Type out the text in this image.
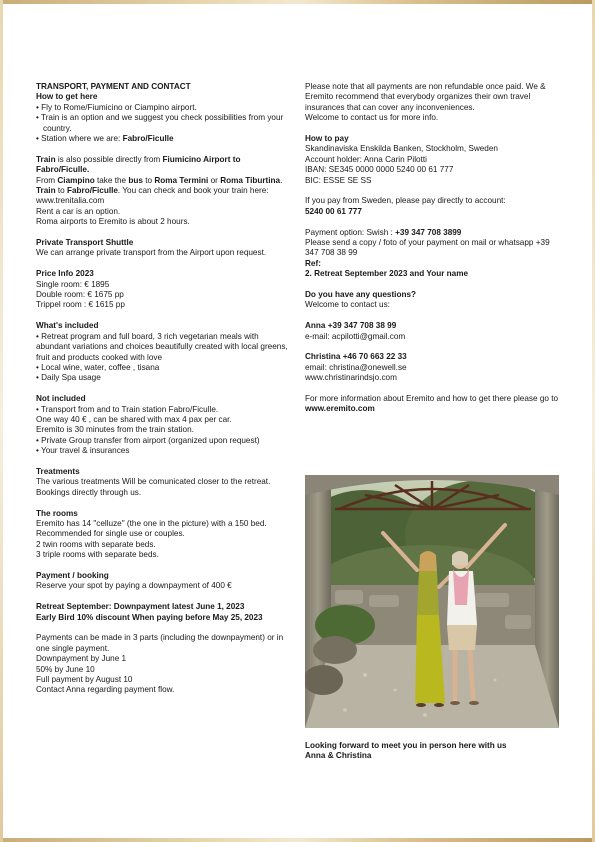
TRANSPORT, PAYMENT AND CONTACT

How to get here

• Fly to Rome/Fiumicino or Ciampino airport.

• Train is an option and we suggest you check possibilities from your country.

• Station where we are: Fabro/Ficulle

Train is also possible directly from Fiumicino Airport to Fabro/Ficulle.

From Ciampino take the bus to Roma Termini or Roma Tiburtina. Train to Fabro/Ficulle. You can check and book your train here: www.trenitalia.com

Rent a car is an option.

Roma airports to Eremito is about 2 hours.

Private Transport Shuttle

We can arrange private transport from the Airport upon request.

Price Info 2023

Single room: € 1895

Double room: € 1675 pp

Trippel room : € 1615 pp

What's included

• Retreat program and full board, 3 rich vegetarian meals with abundant variations and choices beautifully created with local greens, fruit and products cooked with love

• Local wine, water, coffee , tisana

• Daily Spa usage

Not included

• Transport from and to Train station Fabro/Ficulle.

One way 40 € , can be shared with max 4 pax per car.

Eremito is 30 minutes from the train station.

• Private Group transfer from airport (organized upon request)

• Your travel & insurances

Treatments

The various treatments Will be comunicated closer to the retreat. Bookings directly through us.

The rooms

Eremito has 14 "celluze" (the one in the picture) with a 150 bed. Recommended for single use or couples.

2 twin rooms with separate beds.

3 triple rooms with separate beds.

Payment / booking

Reserve your spot by paying a downpayment of 400 €

Retreat September: Downpayment latest June 1, 2023

Early Bird 10% discount When paying before May 25, 2023

Payments can be made in 3 parts (including the downpayment) or in one single payment.

Downpayment by June 1

50% by June 10

Full payment by August 10

Contact Anna regarding payment flow.

Please note that all payments are non refundable once paid. We & Eremito recommend that everybody organizes their own travel insurances that can cover any inconveniences.

Welcome to contact us for more info.

How to pay

Skandinaviska Enskilda Banken, Stockholm, Sweden

Account holder: Anna Carin Pilotti

IBAN: SE345 0000 0000 5240 00 61 777

BIC: ESSE SE SS

If you pay from Sweden, please pay directly to account:

5240 00 61 777

Payment option: Swish : +39 347 708 3899

Please send a copy / foto of your payment on mail or whatsapp +39 347 708 38 99

Ref:

2. Retreat September 2023 and Your name

Do you have any questions?

Welcome to contact us:

Anna +39 347 708 38 99

e-mail: acpilotti@gmail.com

Christina +46 70 663 22 33

email: christina@onewell.se

www.christinarindsjo.com

For more information about Eremito and how to get there please go to www.eremito.com

Looking forward to meet you in person here with us

Anna & Christina
